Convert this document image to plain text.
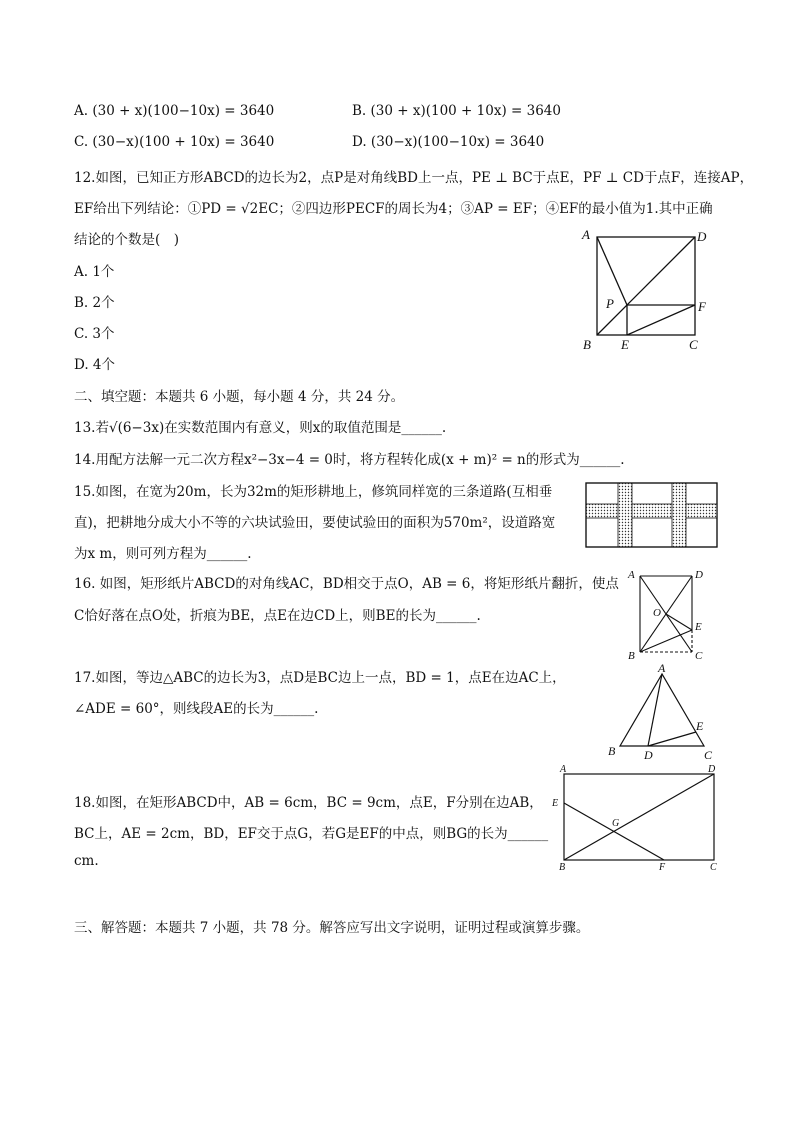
A. (30 + x)(100−10x) = 3640	B. (30 + x)(100 + 10x) = 3640
C. (30−x)(100 + 10x) = 3640	D. (30−x)(100−10x) = 3640
12.如图，已知正方形ABCD的边长为2，点P是对角线BD上一点，PE ⊥ BC于点E，PF ⊥ CD于点F，连接AP，
EF给出下列结论：①PD = √2EC；②四边形PECF的周长为4；③AP = EF；④EF的最小值为1.其中正确
结论的个数是(　)
A. 1个
B. 2个
C. 3个
D. 4个
A	D
P	F
B E	C
二、填空题：本题共 6 小题，每小题 4 分，共 24 分。
13.若√(6−3x)在实数范围内有意义，则x的取值范围是______.
14.用配方法解一元二次方程x²−3x−4 = 0时，将方程转化成(x + m)² = n的形式为______.
15.如图，在宽为20m，长为32m的矩形耕地上，修筑同样宽的三条道路(互相垂
直)，把耕地分成大小不等的六块试验田，要使试验田的面积为570m²，设道路宽
为x m，则可列方程为______.
16. 如图，矩形纸片ABCD的对角线AC，BD相交于点O，AB = 6，将矩形纸片翻折，使点
C恰好落在点O处，折痕为BE，点E在边CD上，则BE的长为______.
A	D
O
E
B	C
17.如图，等边△ABC的边长为3，点D是BC边上一点，BD = 1，点E在边AC上，
∠ADE = 60°，则线段AE的长为______.
A
B D	C
E
18.如图，在矩形ABCD中，AB = 6cm，BC = 9cm，点E，F分别在边AB，
BC上，AE = 2cm，BD，EF交于点G，若G是EF的中点，则BG的长为______
cm.
A	D
E
G
B	F	C
三、解答题：本题共 7 小题，共 78 分。解答应写出文字说明，证明过程或演算步骤。
